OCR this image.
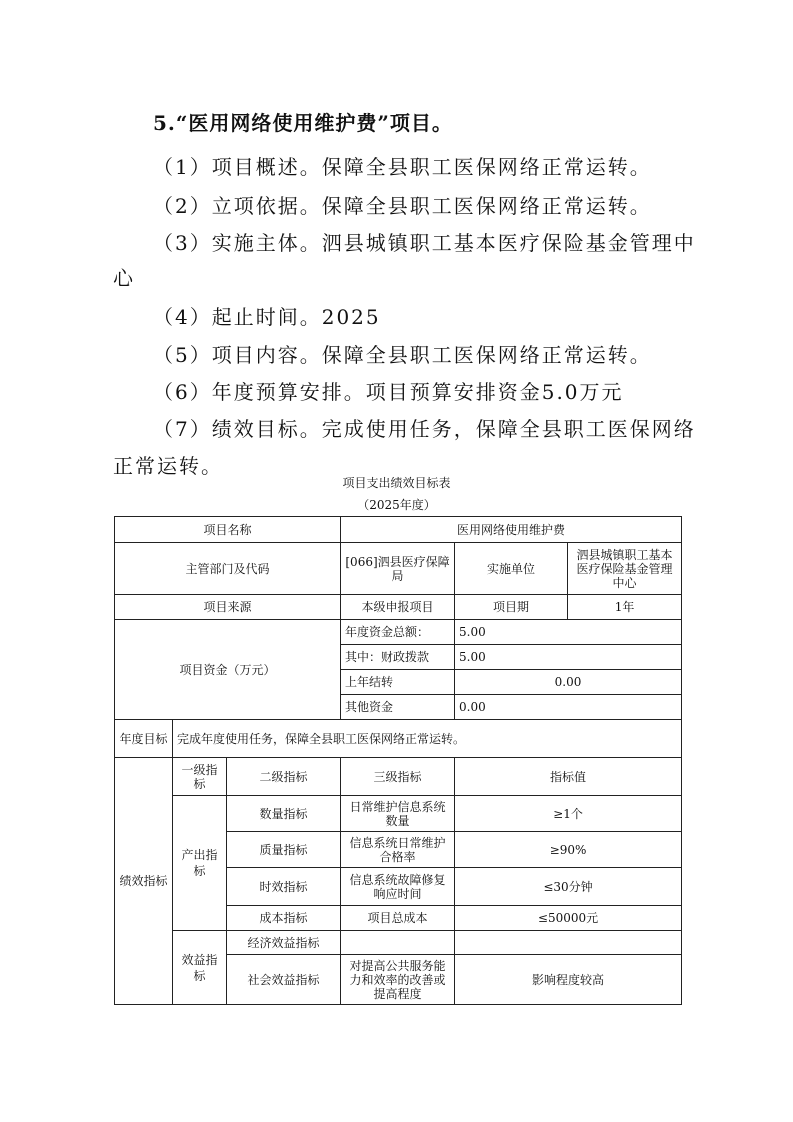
5.“医用网络使用维护费”项目。
（1）项目概述。保障全县职工医保网络正常运转。
（2）立项依据。保障全县职工医保网络正常运转。
（3）实施主体。泗县城镇职工基本医疗保险基金管理中
心
（4）起止时间。2025
（5）项目内容。保障全县职工医保网络正常运转。
（6）年度预算安排。项目预算安排资金5.0万元
（7）绩效目标。完成使用任务，保障全县职工医保网络
正常运转。
项目支出绩效目标表
（2025年度）
项目名称			医用网络使用维护费		
主管部门及代码			[066]泗县医疗保障局	实施单位	泗县城镇职工基本医疗保险基金管理中心
项目来源			本级申报项目	项目期	1年
项目资金（万元）			年度资金总额：	5.00	
			其中：财政拨款	5.00	
			上年结转	0.00	
			其他资金	0.00	
年度目标	完成年度使用任务，保障全县职工医保网络正常运转。				
绩效指标	一级指标	二级指标	三级指标	指标值	
	产出指标	数量指标	日常维护信息系统数量	≥1个	
		质量指标	信息系统日常维护合格率	≥90%	
		时效指标	信息系统故障修复响应时间	≤30分钟	
		成本指标	项目总成本	≤50000元	
	效益指标	经济效益指标			
		社会效益指标	对提高公共服务能力和效率的改善或提高程度	影响程度较高	
